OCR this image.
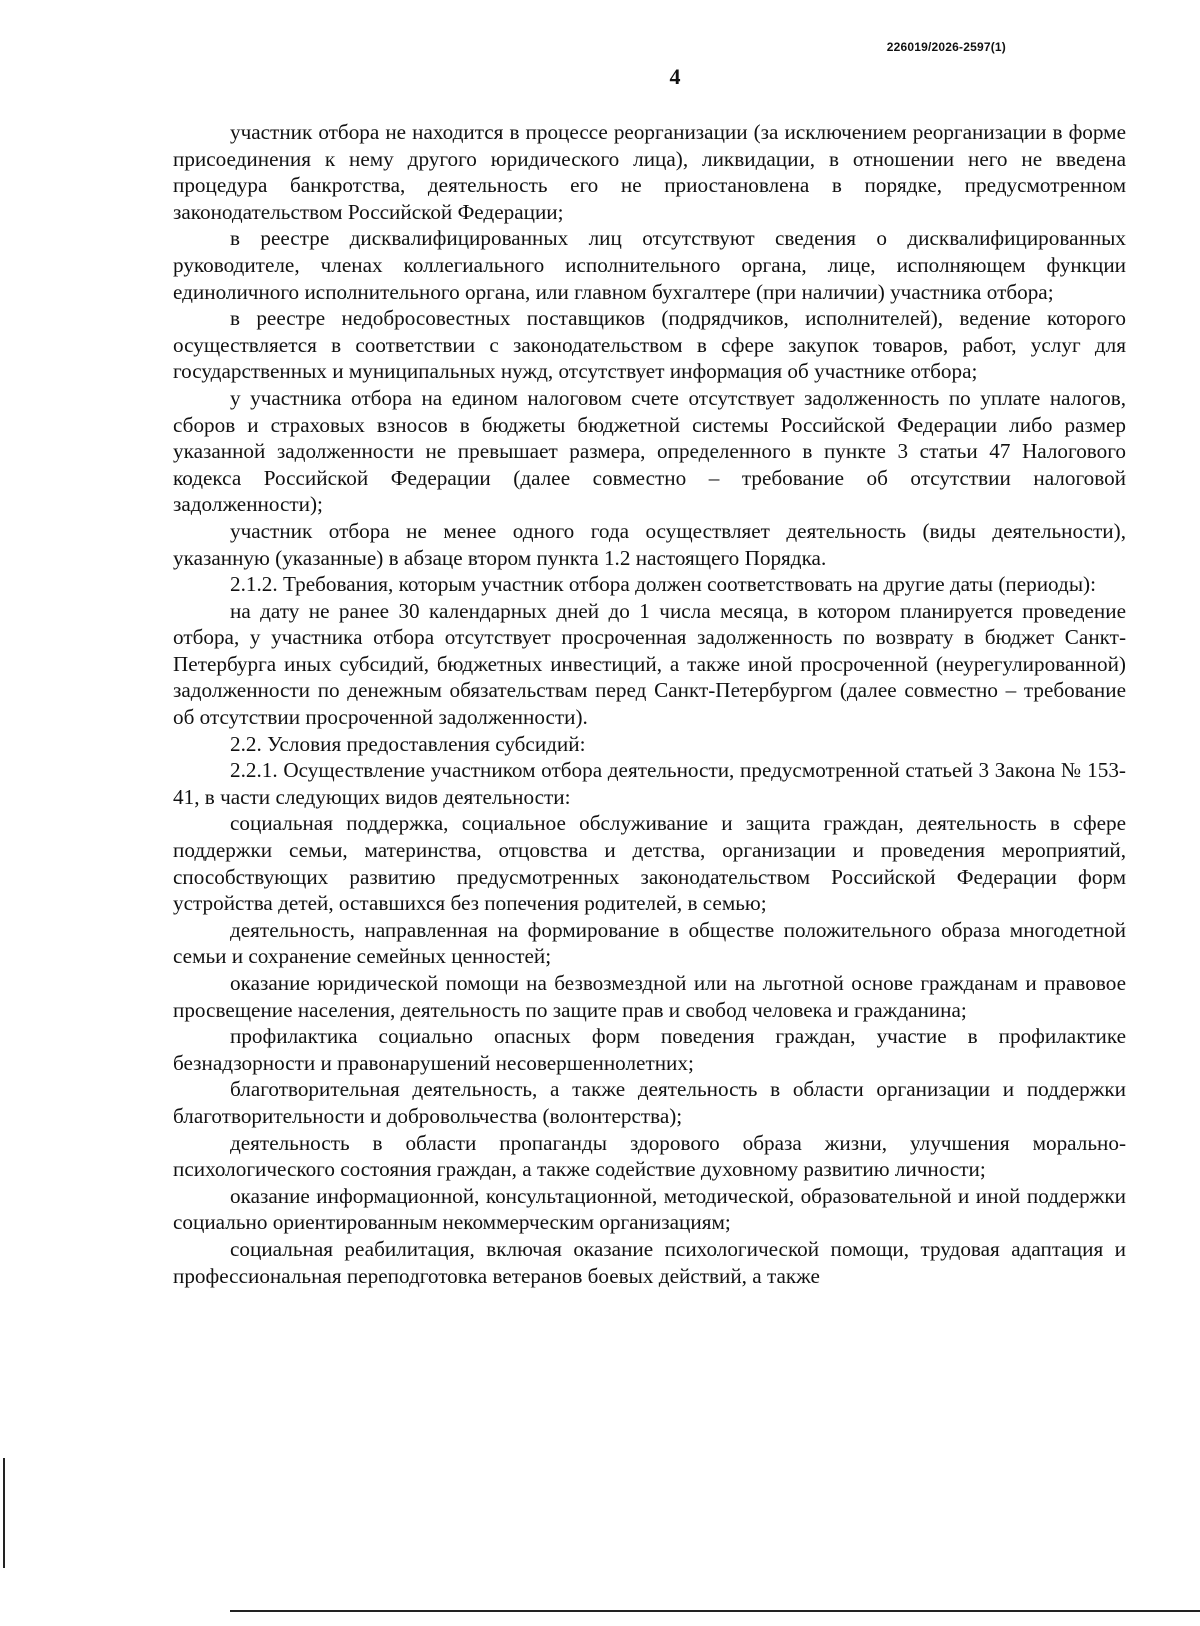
226019/2026-2597(1)
4

участник отбора не находится в процессе реорганизации (за исключением реорганизации в форме присоединения к нему другого юридического лица), ликвидации, в отношении него не введена процедура банкротства, деятельность его не приостановлена в порядке, предусмотренном законодательством Российской Федерации;

в реестре дисквалифицированных лиц отсутствуют сведения о дисквалифицированных руководителе, членах коллегиального исполнительного органа, лице, исполняющем функции единоличного исполнительного органа, или главном бухгалтере (при наличии) участника отбора;

в реестре недобросовестных поставщиков (подрядчиков, исполнителей), ведение которого осуществляется в соответствии с законодательством в сфере закупок товаров, работ, услуг для государственных и муниципальных нужд, отсутствует информация об участнике отбора;

у участника отбора на едином налоговом счете отсутствует задолженность по уплате налогов, сборов и страховых взносов в бюджеты бюджетной системы Российской Федерации либо размер указанной задолженности не превышает размера, определенного в пункте 3 статьи 47 Налогового кодекса Российской Федерации (далее совместно – требование об отсутствии налоговой задолженности);

участник отбора не менее одного года осуществляет деятельность (виды деятельности), указанную (указанные) в абзаце втором пункта 1.2 настоящего Порядка.

2.1.2. Требования, которым участник отбора должен соответствовать на другие даты (периоды):

на дату не ранее 30 календарных дней до 1 числа месяца, в котором планируется проведение отбора, у участника отбора отсутствует просроченная задолженность по возврату в бюджет Санкт-Петербурга иных субсидий, бюджетных инвестиций, а также иной просроченной (неурегулированной) задолженности по денежным обязательствам перед Санкт-Петербургом (далее совместно – требование об отсутствии просроченной задолженности).

2.2. Условия предоставления субсидий:

2.2.1. Осуществление участником отбора деятельности, предусмотренной статьей 3 Закона № 153-41, в части следующих видов деятельности:

социальная поддержка, социальное обслуживание и защита граждан, деятельность в сфере поддержки семьи, материнства, отцовства и детства, организации и проведения мероприятий, способствующих развитию предусмотренных законодательством Российской Федерации форм устройства детей, оставшихся без попечения родителей, в семью;

деятельность, направленная на формирование в обществе положительного образа многодетной семьи и сохранение семейных ценностей;

оказание юридической помощи на безвозмездной или на льготной основе гражданам и правовое просвещение населения, деятельность по защите прав и свобод человека и гражданина;

профилактика социально опасных форм поведения граждан, участие в профилактике безнадзорности и правонарушений несовершеннолетних;

благотворительная деятельность, а также деятельность в области организации и поддержки благотворительности и добровольчества (волонтерства);

деятельность в области пропаганды здорового образа жизни, улучшения морально-психологического состояния граждан, а также содействие духовному развитию личности;

оказание информационной, консультационной, методической, образовательной и иной поддержки социально ориентированным некоммерческим организациям;

социальная реабилитация, включая оказание психологической помощи, трудовая адаптация и профессиональная переподготовка ветеранов боевых действий, а также
